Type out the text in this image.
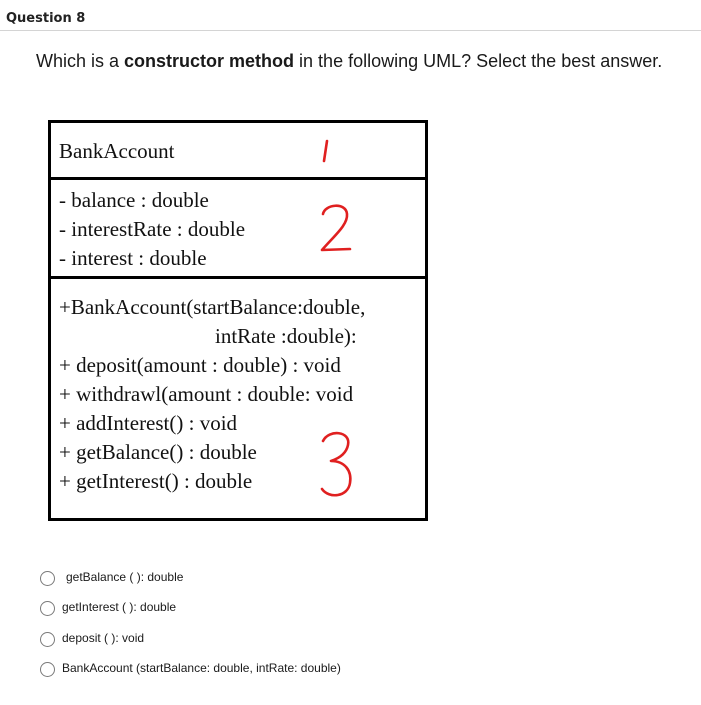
Question 8
Which is a constructor method in the following UML? Select the best answer.
BankAccount
- balance : double
- interestRate : double
- interest : double
+BankAccount(startBalance:double,
intRate :double):
+ deposit(amount : double) : void
+ withdrawl(amount : double: void
+ addInterest() : void
+ getBalance() : double
+ getInterest() : double
getBalance ( ): double
getInterest ( ): double
deposit ( ): void
BankAccount (startBalance: double, intRate: double)
